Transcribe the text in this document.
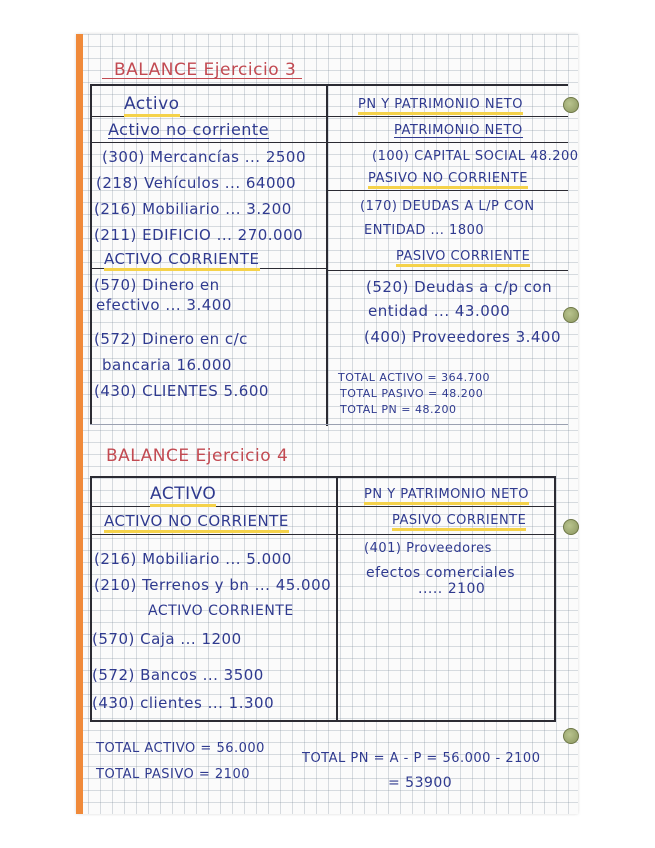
BALANCE Ejercicio 3
Activo
Activo no corriente
(300) Mercancías ... 2500
(218) Vehículos ... 64000
(216) Mobiliario ... 3.200
(211) EDIFICIO ... 270.000
ACTIVO CORRIENTE
(570) Dinero en
efectivo ... 3.400
(572) Dinero en c/c
bancaria 16.000
(430) CLIENTES 5.600
PN Y PATRIMONIO NETO
PATRIMONIO NETO
(100) CAPITAL SOCIAL 48.200
PASIVO NO CORRIENTE
(170) DEUDAS A L/P CON
ENTIDAD ... 1800
PASIVO CORRIENTE
(520) Deudas a c/p con
entidad ... 43.000
(400) Proveedores 3.400
TOTAL ACTIVO = 364.700
TOTAL PASIVO = 48.200
TOTAL PN = 48.200
BALANCE Ejercicio 4
ACTIVO
ACTIVO NO CORRIENTE
(216) Mobiliario ... 5.000
(210) Terrenos y bn ... 45.000
ACTIVO CORRIENTE
(570) Caja ... 1200
(572) Bancos ... 3500
(430) clientes ... 1.300
PN Y PATRIMONIO NETO
PASIVO CORRIENTE
(401) Proveedores
efectos comerciales
..... 2100
TOTAL ACTIVO = 56.000
TOTAL PASIVO = 2100
TOTAL PN = A - P = 56.000 - 2100
= 53900
